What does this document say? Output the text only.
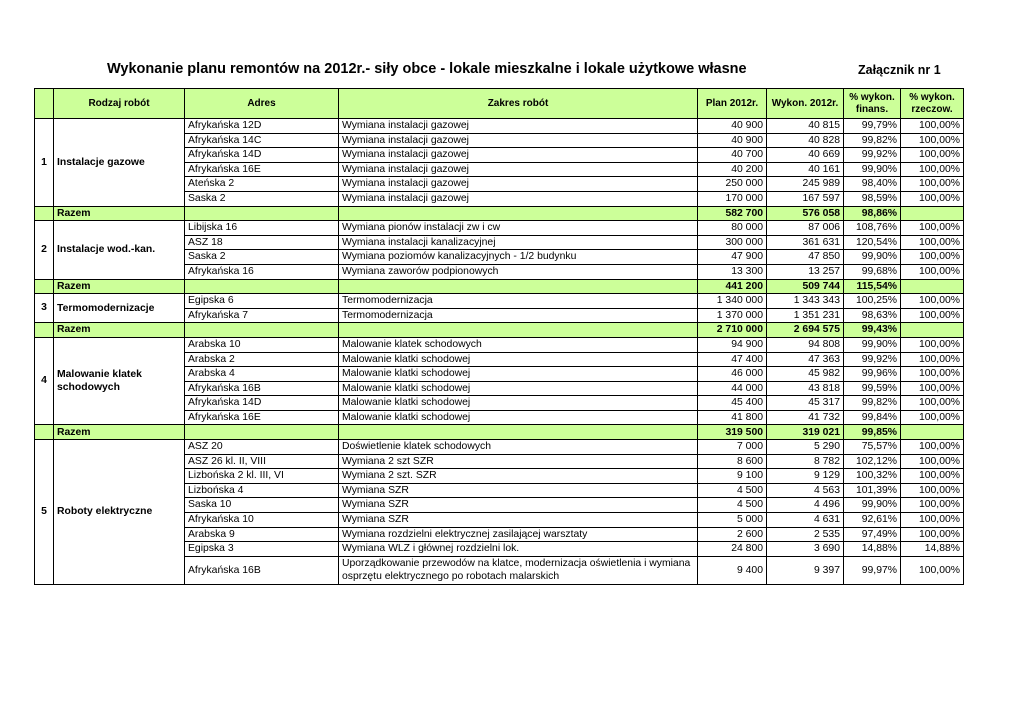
Wykonanie planu remontów na 2012r.- siły obce - lokale mieszkalne i lokale użytkowe własne	Załącznik nr 1
	Rodzaj robót	Adres	Zakres robót	Plan 2012r.	Wykon. 2012r.	% wykon. finans.	% wykon. rzeczow.
1	Instalacje gazowe	Afrykańska 12D	Wymiana instalacji gazowej	40 900	40 815	99,79%	100,00%
		Afrykańska 14C	Wymiana instalacji gazowej	40 900	40 828	99,82%	100,00%
		Afrykańska 14D	Wymiana instalacji gazowej	40 700	40 669	99,92%	100,00%
		Afrykańska 16E	Wymiana instalacji gazowej	40 200	40 161	99,90%	100,00%
		Ateńska 2	Wymiana instalacji gazowej	250 000	245 989	98,40%	100,00%
		Saska 2	Wymiana instalacji gazowej	170 000	167 597	98,59%	100,00%
	Razem			582 700	576 058	98,86%	
2	Instalacje wod.-kan.	Libijska 16	Wymiana pionów instalacji zw i cw	80 000	87 006	108,76%	100,00%
		ASZ 18	Wymiana instalacji kanalizacyjnej	300 000	361 631	120,54%	100,00%
		Saska 2	Wymiana poziomów kanalizacyjnych - 1/2 budynku	47 900	47 850	99,90%	100,00%
		Afrykańska 16	Wymiana zaworów podpionowych	13 300	13 257	99,68%	100,00%
	Razem			441 200	509 744	115,54%	
3	Termomodernizacje	Egipska 6	Termomodernizacja	1 340 000	1 343 343	100,25%	100,00%
		Afrykańska 7	Termomodernizacja	1 370 000	1 351 231	98,63%	100,00%
	Razem			2 710 000	2 694 575	99,43%	
4	Malowanie klatek schodowych	Arabska 10	Malowanie klatek schodowych	94 900	94 808	99,90%	100,00%
		Arabska 2	Malowanie klatki schodowej	47 400	47 363	99,92%	100,00%
		Arabska 4	Malowanie klatki schodowej	46 000	45 982	99,96%	100,00%
		Afrykańska 16B	Malowanie klatki schodowej	44 000	43 818	99,59%	100,00%
		Afrykańska 14D	Malowanie klatki schodowej	45 400	45 317	99,82%	100,00%
		Afrykańska 16E	Malowanie klatki schodowej	41 800	41 732	99,84%	100,00%
	Razem			319 500	319 021	99,85%	
5	Roboty elektryczne	ASZ 20	Doświetlenie klatek schodowych	7 000	5 290	75,57%	100,00%
		ASZ 26 kl. II, VIII	Wymiana 2 szt SZR	8 600	8 782	102,12%	100,00%
		Lizbońska 2 kl. III, VI	Wymiana 2 szt. SZR	9 100	9 129	100,32%	100,00%
		Lizbońska 4	Wymiana SZR	4 500	4 563	101,39%	100,00%
		Saska 10	Wymiana SZR	4 500	4 496	99,90%	100,00%
		Afrykańska 10	Wymiana SZR	5 000	4 631	92,61%	100,00%
		Arabska 9	Wymiana rozdzielni elektrycznej zasilającej warsztaty	2 600	2 535	97,49%	100,00%
		Egipska 3	Wymiana WLZ i głównej rozdzielni lok.	24 800	3 690	14,88%	14,88%
		Afrykańska 16B	Uporządkowanie przewodów na klatce, modernizacja oświetlenia i wymiana osprzętu elektrycznego po robotach malarskich	9 400	9 397	99,97%	100,00%
